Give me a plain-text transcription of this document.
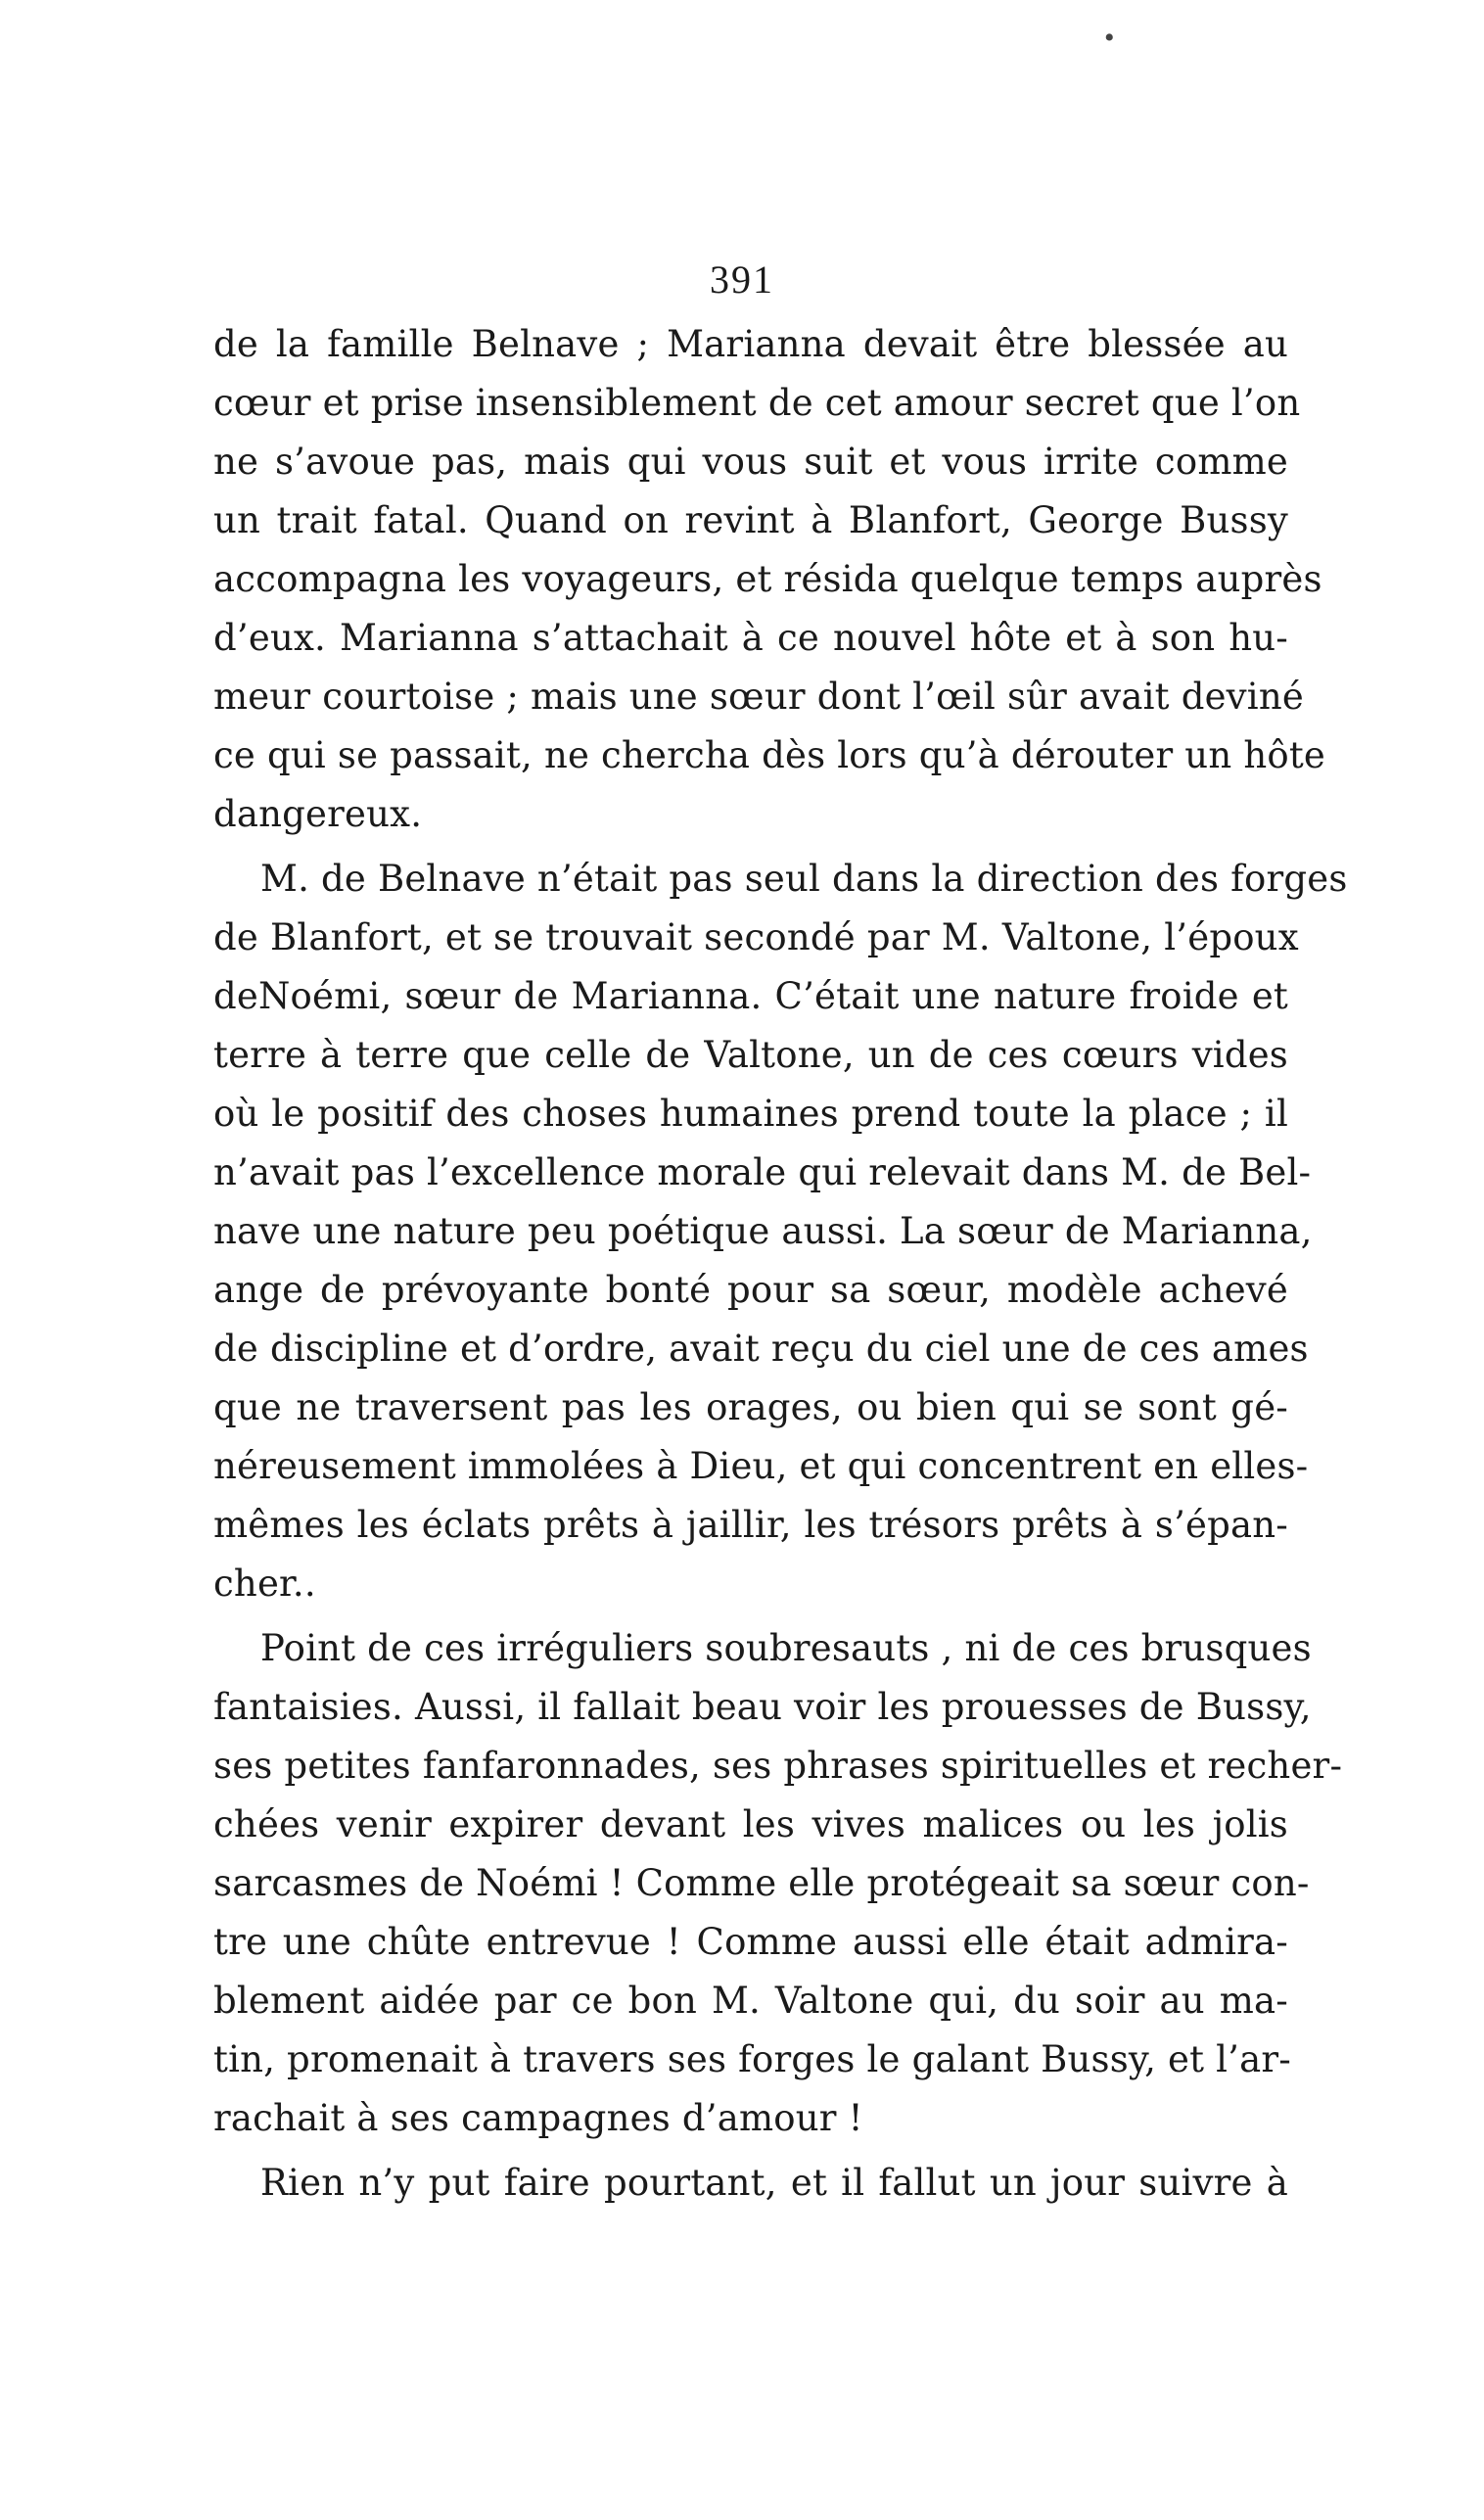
•
391
de la famille Belnave ; Marianna devait être blessée au
cœur et prise insensiblement de cet amour secret que l’on
ne s’avoue pas, mais qui vous suit et vous irrite comme
un trait fatal. Quand on revint à Blanfort, George Bussy
accompagna les voyageurs, et résida quelque temps auprès
d’eux. Marianna s’attachait à ce nouvel hôte et à son hu-
meur courtoise ; mais une sœur dont l’œil sûr avait deviné
ce qui se passait, ne chercha dès lors qu’à dérouter un hôte
dangereux.
M. de Belnave n’était pas seul dans la direction des forges
de Blanfort, et se trouvait secondé par M. Valtone, l’époux
deNoémi, sœur de Marianna. C’était une nature froide et
terre à terre que celle de Valtone, un de ces cœurs vides
où le positif des choses humaines prend toute la place ; il
n’avait pas l’excellence morale qui relevait dans M. de Bel-
nave une nature peu poétique aussi. La sœur de Marianna,
ange de prévoyante bonté pour sa sœur, modèle achevé
de discipline et d’ordre, avait reçu du ciel une de ces ames
que ne traversent pas les orages, ou bien qui se sont gé-
néreusement immolées à Dieu, et qui concentrent en elles-
mêmes les éclats prêts à jaillir, les trésors prêts à s’épan-
cher..
Point de ces irréguliers soubresauts , ni de ces brusques
fantaisies. Aussi, il fallait beau voir les prouesses de Bussy,
ses petites fanfaronnades, ses phrases spirituelles et recher-
chées venir expirer devant les vives malices ou les jolis
sarcasmes de Noémi ! Comme elle protégeait sa sœur con-
tre une chûte entrevue ! Comme aussi elle était admira-
blement aidée par ce bon M. Valtone qui, du soir au ma-
tin, promenait à travers ses forges le galant Bussy, et l’ar-
rachait à ses campagnes d’amour !
Rien n’y put faire pourtant, et il fallut un jour suivre à
